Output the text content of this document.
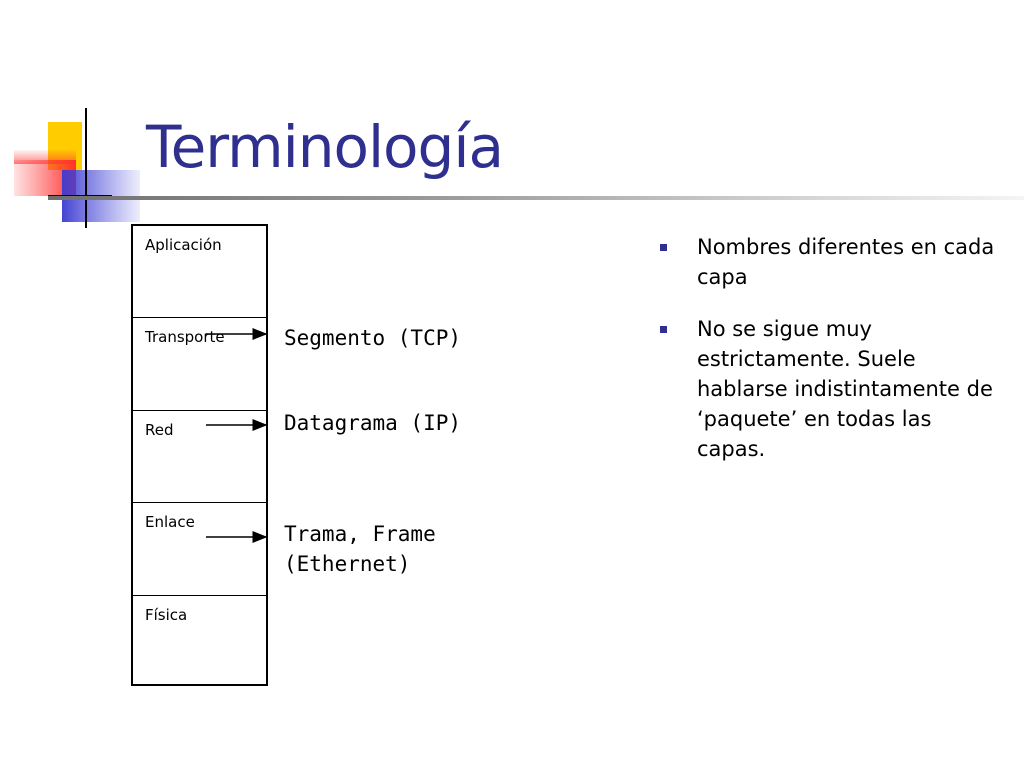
Terminología
Aplicación
Transporte
Red
Enlace
Física

Segmento (TCP)

Datagrama (IP)

Trama, Frame (Ethernet)

Nombres diferentes en cada capa
No se sigue muy estrictamente. Suele hablarse indistintamente de ‘paquete’ en todas las capas.
